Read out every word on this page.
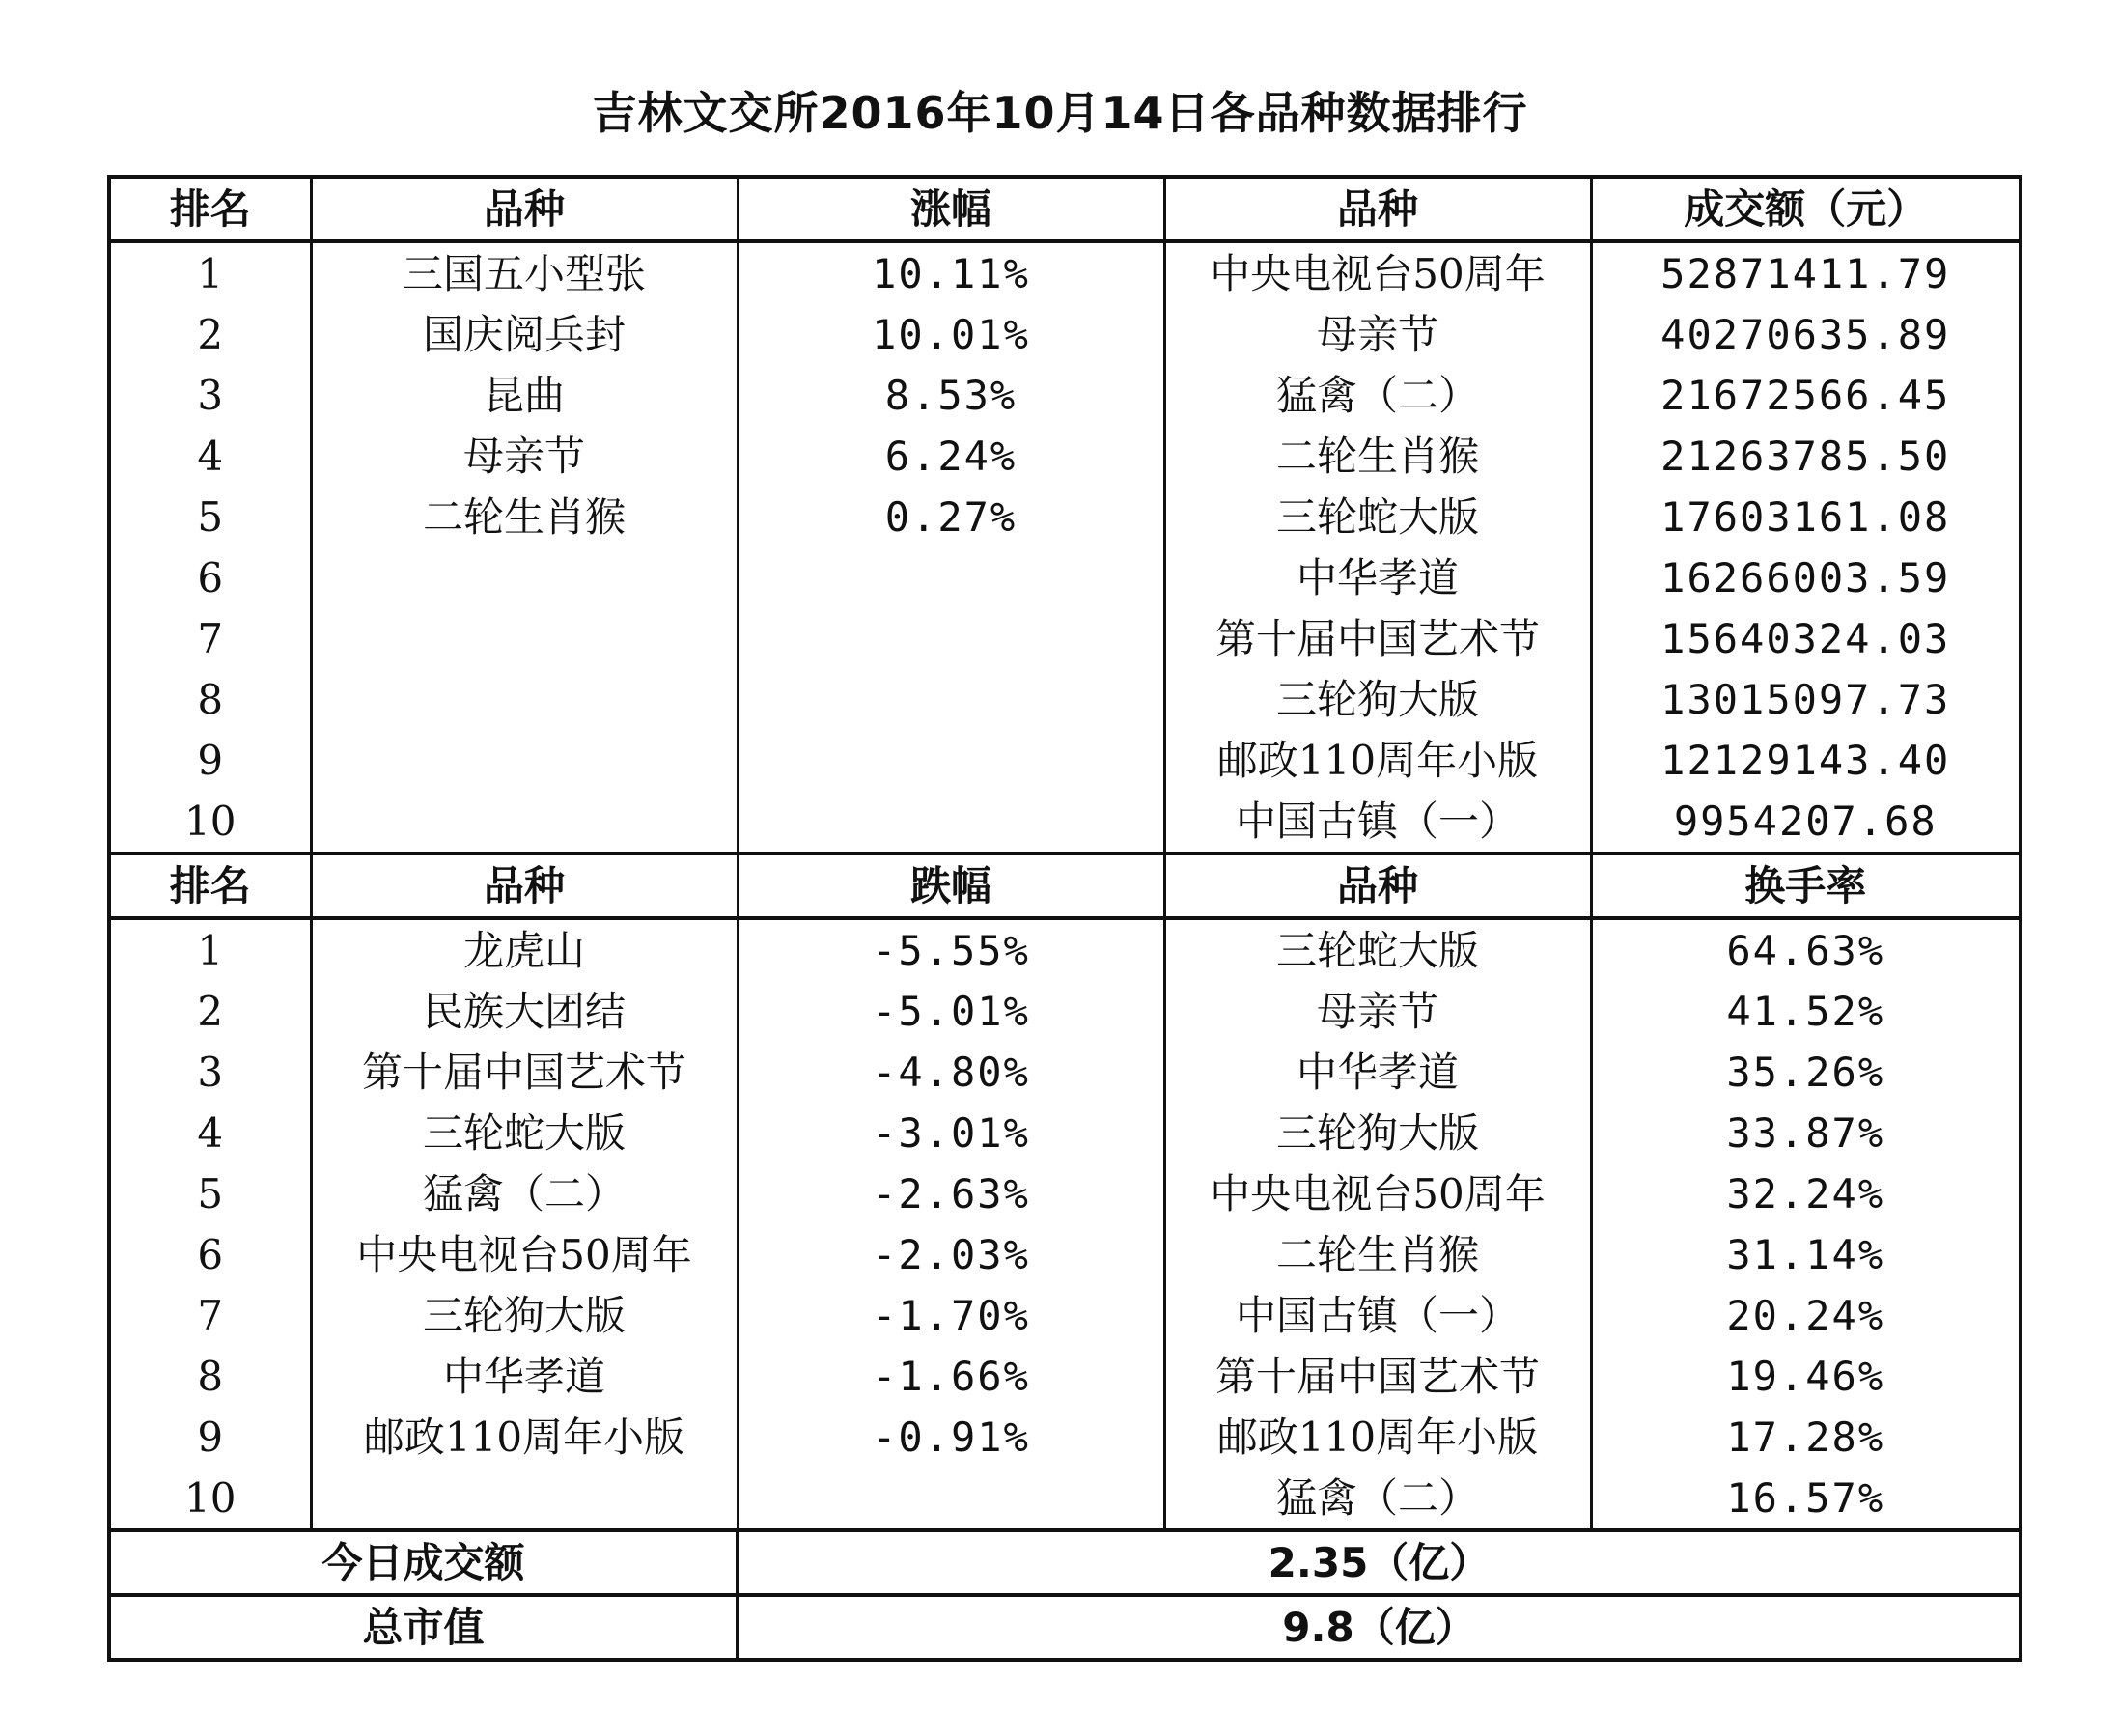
吉林文交所2016年10月14日各品种数据排行
排名	品种	涨幅	品种	成交额（元）
1	三国五小型张	10.11%	中央电视台50周年	52871411.79
2	国庆阅兵封	10.01%	母亲节	40270635.89
3	昆曲	8.53%	猛禽（二）	21672566.45
4	母亲节	6.24%	二轮生肖猴	21263785.50
5	二轮生肖猴	0.27%	三轮蛇大版	17603161.08
6			中华孝道	16266003.59
7			第十届中国艺术节	15640324.03
8			三轮狗大版	13015097.73
9			邮政110周年小版	12129143.40
10			中国古镇（一）	9954207.68
排名	品种	跌幅	品种	换手率
1	龙虎山	-5.55%	三轮蛇大版	64.63%
2	民族大团结	-5.01%	母亲节	41.52%
3	第十届中国艺术节	-4.80%	中华孝道	35.26%
4	三轮蛇大版	-3.01%	三轮狗大版	33.87%
5	猛禽（二）	-2.63%	中央电视台50周年	32.24%
6	中央电视台50周年	-2.03%	二轮生肖猴	31.14%
7	三轮狗大版	-1.70%	中国古镇（一）	20.24%
8	中华孝道	-1.66%	第十届中国艺术节	19.46%
9	邮政110周年小版	-0.91%	邮政110周年小版	17.28%
10			猛禽（二）	16.57%
今日成交额		2.35（亿）		
总市值		9.8（亿）		
